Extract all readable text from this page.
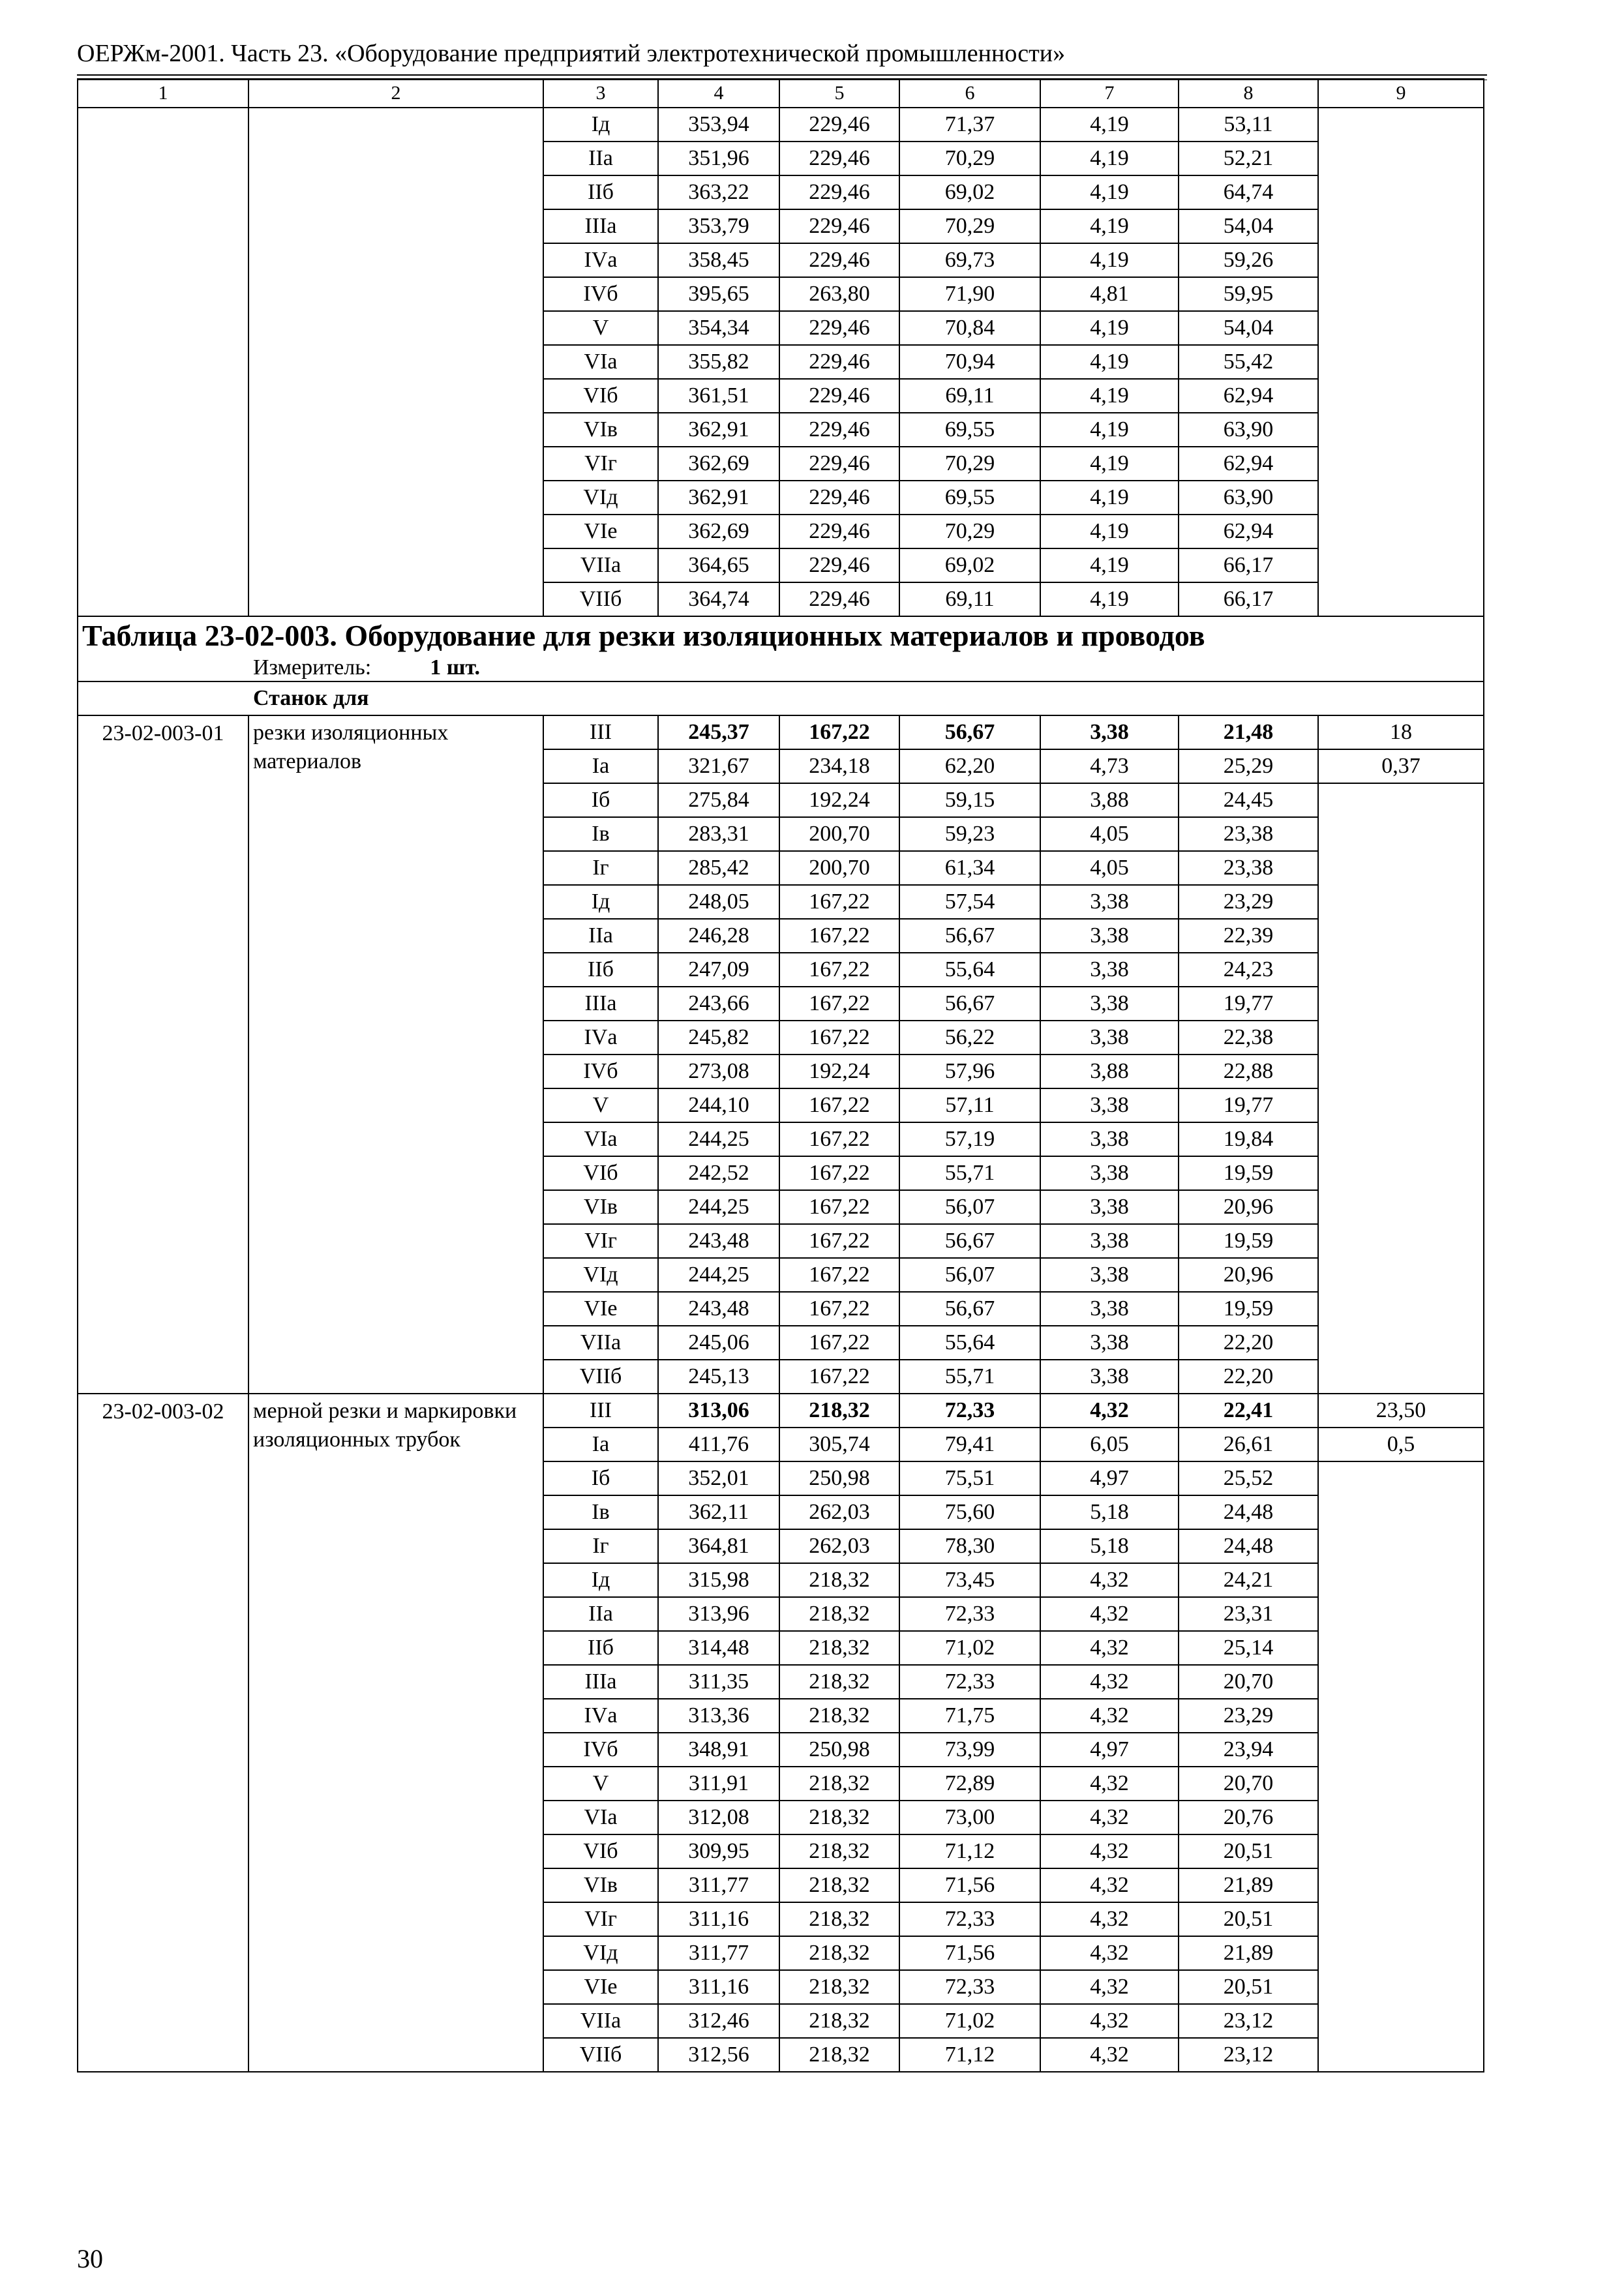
ОЕРЖм-2001. Часть 23. «Оборудование предприятий электротехнической промышленности»
1	2	3	4	5	6	7	8	9
		Iд	353,94	229,46	71,37	4,19	53,11	
		IIа	351,96	229,46	70,29	4,19	52,21	
		IIб	363,22	229,46	69,02	4,19	64,74	
		IIIа	353,79	229,46	70,29	4,19	54,04	
		IVа	358,45	229,46	69,73	4,19	59,26	
		IVб	395,65	263,80	71,90	4,81	59,95	
		V	354,34	229,46	70,84	4,19	54,04	
		VIа	355,82	229,46	70,94	4,19	55,42	
		VIб	361,51	229,46	69,11	4,19	62,94	
		VIв	362,91	229,46	69,55	4,19	63,90	
		VIг	362,69	229,46	70,29	4,19	62,94	
		VIд	362,91	229,46	69,55	4,19	63,90	
		VIе	362,69	229,46	70,29	4,19	62,94	
		VIIа	364,65	229,46	69,02	4,19	66,17	
		VIIб	364,74	229,46	69,11	4,19	66,17	
Таблица 23-02-003. Оборудование для резки изоляционных материалов и проводов								
Измеритель: 1 шт.								
Станок для								
23-02-003-01	резки изоляционных материалов	III	245,37	167,22	56,67	3,38	21,48	18
		Iа	321,67	234,18	62,20	4,73	25,29	0,37
		Iб	275,84	192,24	59,15	3,88	24,45	
		Iв	283,31	200,70	59,23	4,05	23,38	
		Iг	285,42	200,70	61,34	4,05	23,38	
		Iд	248,05	167,22	57,54	3,38	23,29	
		IIа	246,28	167,22	56,67	3,38	22,39	
		IIб	247,09	167,22	55,64	3,38	24,23	
		IIIа	243,66	167,22	56,67	3,38	19,77	
		IVа	245,82	167,22	56,22	3,38	22,38	
		IVб	273,08	192,24	57,96	3,88	22,88	
		V	244,10	167,22	57,11	3,38	19,77	
		VIа	244,25	167,22	57,19	3,38	19,84	
		VIб	242,52	167,22	55,71	3,38	19,59	
		VIв	244,25	167,22	56,07	3,38	20,96	
		VIг	243,48	167,22	56,67	3,38	19,59	
		VIд	244,25	167,22	56,07	3,38	20,96	
		VIе	243,48	167,22	56,67	3,38	19,59	
		VIIа	245,06	167,22	55,64	3,38	22,20	
		VIIб	245,13	167,22	55,71	3,38	22,20	
23-02-003-02	мерной резки и маркировки изоляционных трубок	III	313,06	218,32	72,33	4,32	22,41	23,50
		Iа	411,76	305,74	79,41	6,05	26,61	0,5
		Iб	352,01	250,98	75,51	4,97	25,52	
		Iв	362,11	262,03	75,60	5,18	24,48	
		Iг	364,81	262,03	78,30	5,18	24,48	
		Iд	315,98	218,32	73,45	4,32	24,21	
		IIа	313,96	218,32	72,33	4,32	23,31	
		IIб	314,48	218,32	71,02	4,32	25,14	
		IIIа	311,35	218,32	72,33	4,32	20,70	
		IVа	313,36	218,32	71,75	4,32	23,29	
		IVб	348,91	250,98	73,99	4,97	23,94	
		V	311,91	218,32	72,89	4,32	20,70	
		VIа	312,08	218,32	73,00	4,32	20,76	
		VIб	309,95	218,32	71,12	4,32	20,51	
		VIв	311,77	218,32	71,56	4,32	21,89	
		VIг	311,16	218,32	72,33	4,32	20,51	
		VIд	311,77	218,32	71,56	4,32	21,89	
		VIе	311,16	218,32	72,33	4,32	20,51	
		VIIа	312,46	218,32	71,02	4,32	23,12	
		VIIб	312,56	218,32	71,12	4,32	23,12	
30
